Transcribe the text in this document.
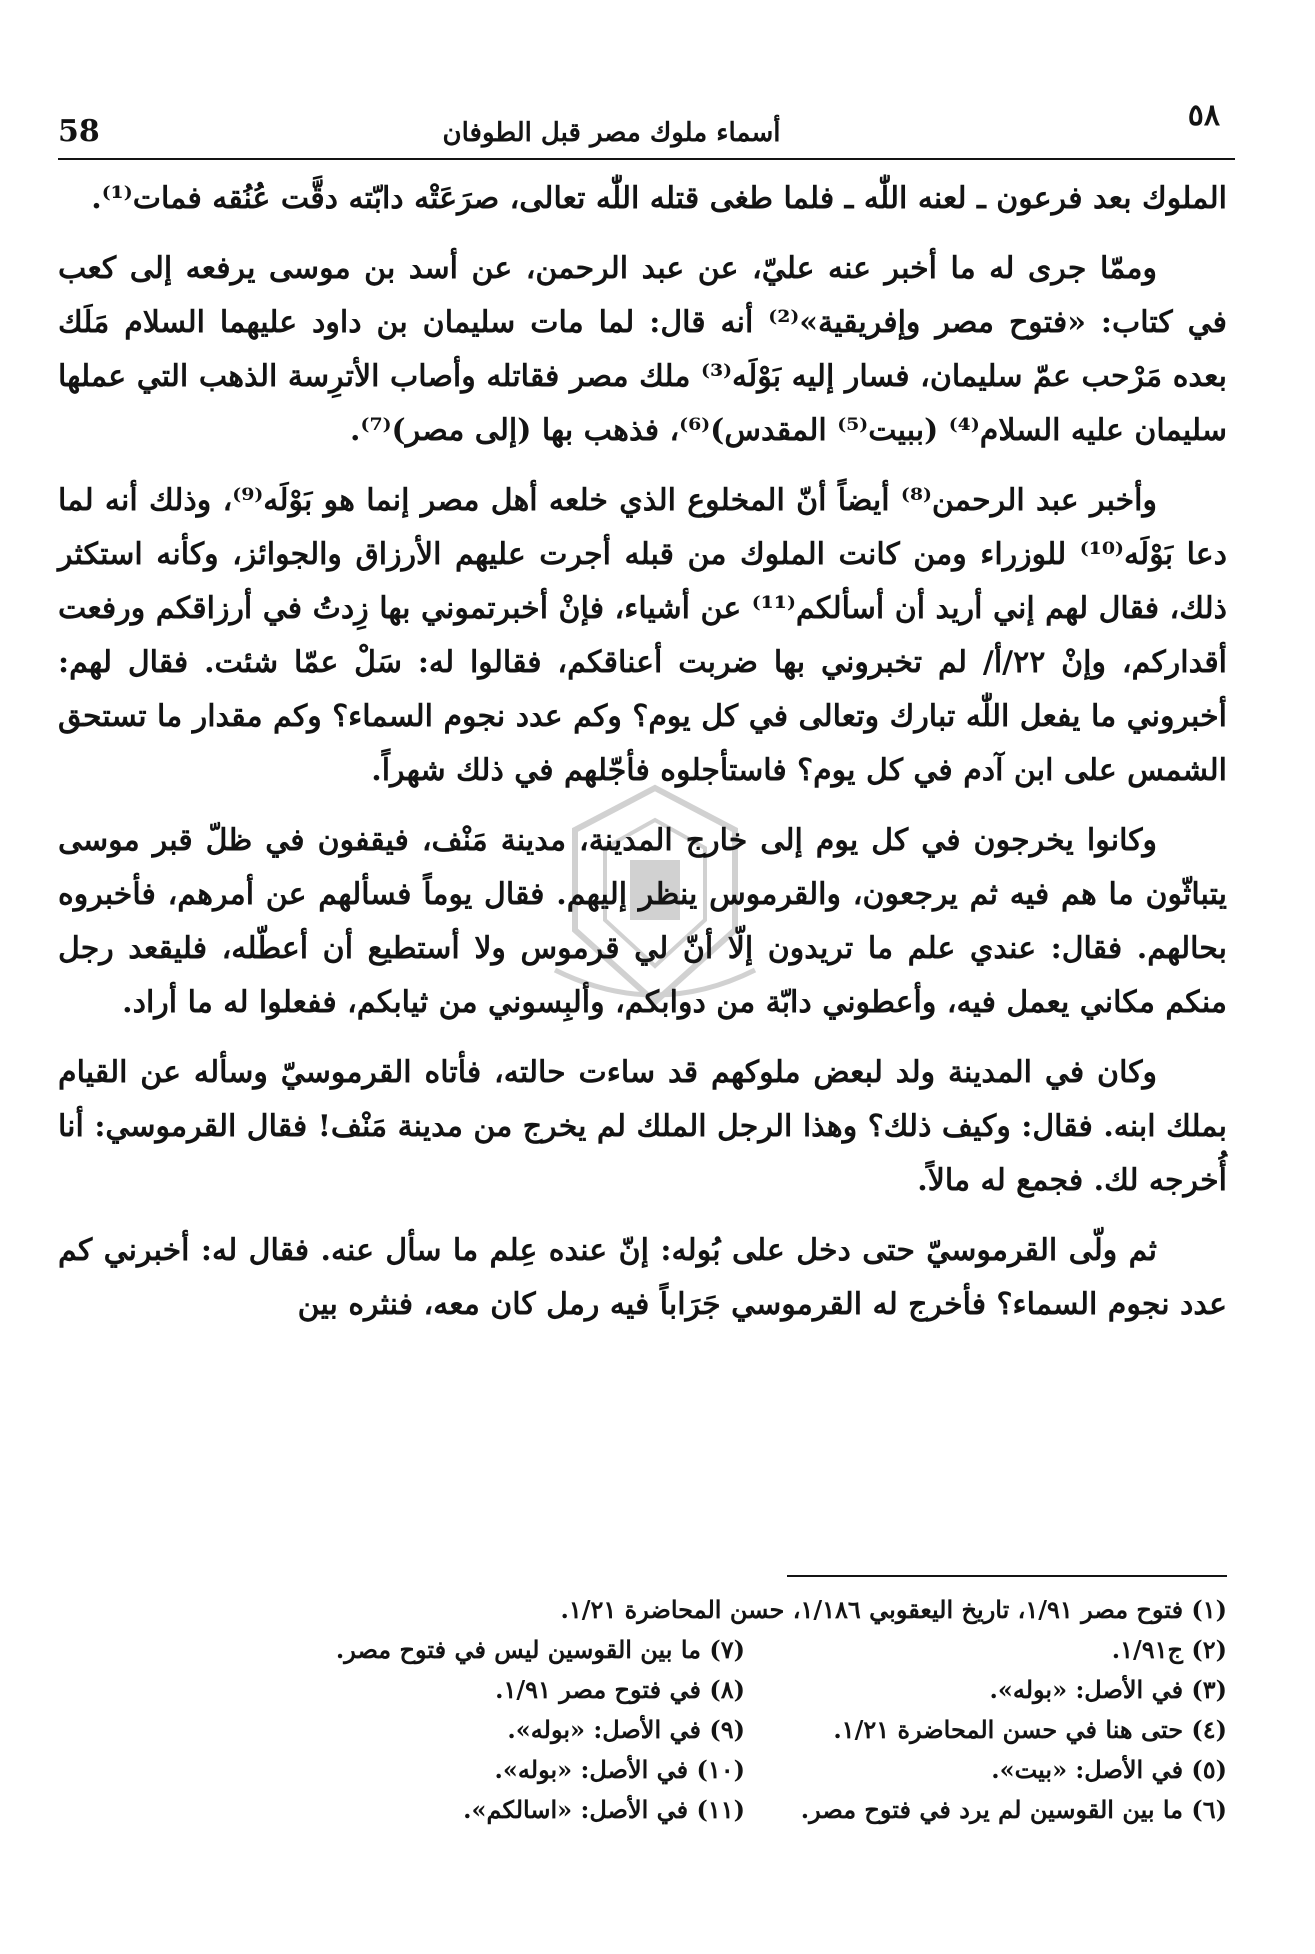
58	أسماء ملوك مصر قبل الطوفان	٥٨

الملوك بعد فرعون ـ لعنه اللّٰه ـ فلما طغى قتله اللّٰه تعالى، صرَعَتْه دابّته دقَّت عُنُقه فمات⁽¹⁾.

وممّا جرى له ما أخبر عنه عليّ، عن عبد الرحمن، عن أسد بن موسى يرفعه إلى كعب في كتاب: «فتوح مصر وإفريقية»⁽²⁾ أنه قال: لما مات سليمان بن داود عليهما السلام مَلَك بعده مَرْحب عمّ سليمان، فسار إليه بَوْلَه⁽³⁾ ملك مصر فقاتله وأصاب الأترِسة الذهب التي عملها سليمان عليه السلام⁽⁴⁾ (ببيت⁽⁵⁾ المقدس)⁽⁶⁾، فذهب بها (إلى مصر)⁽⁷⁾.

وأخبر عبد الرحمن⁽⁸⁾ أيضاً أنّ المخلوع الذي خلعه أهل مصر إنما هو بَوْلَه⁽⁹⁾، وذلك أنه لما دعا بَوْلَه⁽¹⁰⁾ للوزراء ومن كانت الملوك من قبله أجرت عليهم الأرزاق والجوائز، وكأنه استكثر ذلك، فقال لهم إني أريد أن أسألكم⁽¹¹⁾ عن أشياء، فإنْ أخبرتموني بها زِدتُ في أرزاقكم ورفعت أقداركم، وإنْ ٢٢/أ/ لم تخبروني بها ضربت أعناقكم، فقالوا له: سَلْ عمّا شئت. فقال لهم: أخبروني ما يفعل اللّٰه تبارك وتعالى في كل يوم؟ وكم عدد نجوم السماء؟ وكم مقدار ما تستحق الشمس على ابن آدم في كل يوم؟ فاستأجلوه فأجّلهم في ذلك شهراً.

وكانوا يخرجون في كل يوم إلى خارج المدينة، مدينة مَنْف، فيقفون في ظلّ قبر موسى يتباثّون ما هم فيه ثم يرجعون، والقرموس ينظر إليهم. فقال يوماً فسألهم عن أمرهم، فأخبروه بحالهم. فقال: عندي علم ما تريدون إلّا أنّ لي قرموس ولا أستطيع أن أعطّله، فليقعد رجل منكم مكاني يعمل فيه، وأعطوني دابّة من دوابكم، وألبِسوني من ثيابكم، ففعلوا له ما أراد.

وكان في المدينة ولد لبعض ملوكهم قد ساءت حالته، فأتاه القرموسيّ وسأله عن القيام بملك ابنه. فقال: وكيف ذلك؟ وهذا الرجل الملك لم يخرج من مدينة مَنْف! فقال القرموسي: أنا أُخرجه لك. فجمع له مالاً.

ثم ولّى القرموسيّ حتى دخل على بُوله: إنّ عنده عِلم ما سأل عنه. فقال له: أخبرني كم عدد نجوم السماء؟ فأخرج له القرموسي جَرَاباً فيه رمل كان معه، فنثره بين

(١) فتوح مصر ١/٩١، تاريخ اليعقوبي ١/١٨٦، حسن المحاضرة ١/٢١.

(٢) ج١/٩١.
(٣) في الأصل: «بوله».
(٤) حتى هنا في حسن المحاضرة ١/٢١.
(٥) في الأصل: «بيت».
(٦) ما بين القوسين لم يرد في فتوح مصر.
(٧) ما بين القوسين ليس في فتوح مصر.
(٨) في فتوح مصر ١/٩١.
(٩) في الأصل: «بوله».
(١٠) في الأصل: «بوله».
(١١) في الأصل: «اسالكم».
